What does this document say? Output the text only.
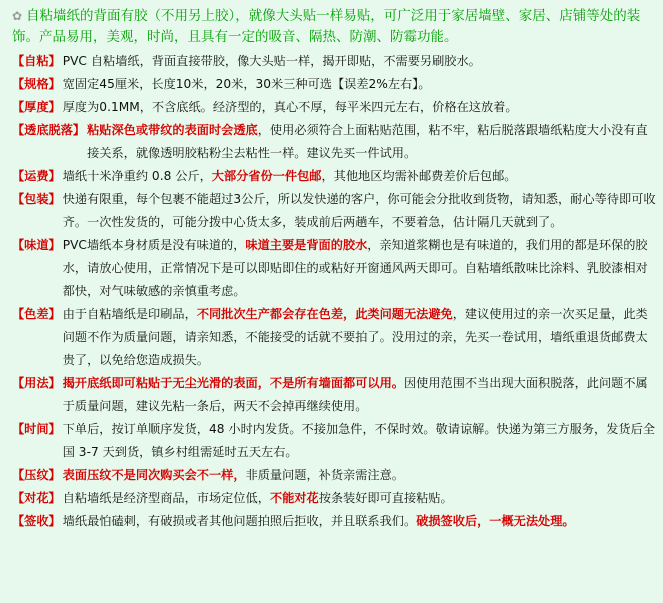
✿ 自粘墙纸的背面有胶（不用另上胶），就像大头贴一样易贴，可广泛用于家居墙壁、家居、店铺等处的装饰。产品易用，美观，时尚，且具有一定的吸音、隔热、防潮、防霉功能。
【自粘】 PVC 自粘墙纸，背面直接带胶，像大头贴一样，揭开即贴，不需要另刷胶水。
【规格】 宽固定45厘米，长度10米，20米，30米三种可选【误差2%左右】。
【厚度】 厚度为0.1MM，不含底纸。经济型的，真心不厚，每平米四元左右，价格在这放着。
【透底脱落】 粘贴深色或带纹的表面时会透底，使用必须符合上面粘贴范围，粘不牢，粘后脱落跟墙纸粘度大小没有直接关系，就像透明胶粘粉尘去粘性一样。建议先买一件试用。
【运费】 墙纸十米净重约 0.8 公斤，大部分省份一件包邮，其他地区均需补邮费差价后包邮。
【包装】 快递有限重，每个包裹不能超过3公斤，所以发快递的客户，你可能会分批收到货物，请知悉，耐心等待即可收齐。一次性发货的，可能分拨中心货太多，装成前后两趟车，不要着急，估计隔几天就到了。
【味道】 PVC墙纸本身材质是没有味道的，味道主要是背面的胶水，亲知道浆糊也是有味道的，我们用的都是环保的胶水，请放心使用，正常情况下是可以即贴即住的或粘好开窗通风两天即可。自粘墙纸散味比涂料、乳胶漆相对都快，对气味敏感的亲慎重考虑。
【色差】 由于自粘墙纸是印刷品，不同批次生产都会存在色差，此类问题无法避免，建议使用过的亲一次买足量，此类问题不作为质量问题，请亲知悉，不能接受的话就不要拍了。没用过的亲，先买一卷试用，墙纸重退货邮费太贵了，以免给您造成损失。
【用法】 揭开底纸即可粘贴于无尘光滑的表面，不是所有墙面都可以用。因使用范围不当出现大面积脱落，此问题不属于质量问题，建议先粘一条后，两天不会掉再继续使用。
【时间】 下单后，按订单顺序发货，48 小时内发货。不接加急件，不保时效。敬请谅解。快递为第三方服务，发货后全国 3-7 天到货，镇乡村组需延时五天左右。
【压纹】 表面压纹不是同次购买会不一样，非质量问题，补货亲需注意。
【对花】 自粘墙纸是经济型商品，市场定位低，不能对花按条装好即可直接粘贴。
【签收】 墙纸最怕磕刺，有破损或者其他问题拍照后拒收，并且联系我们。破损签收后，一概无法处理。
